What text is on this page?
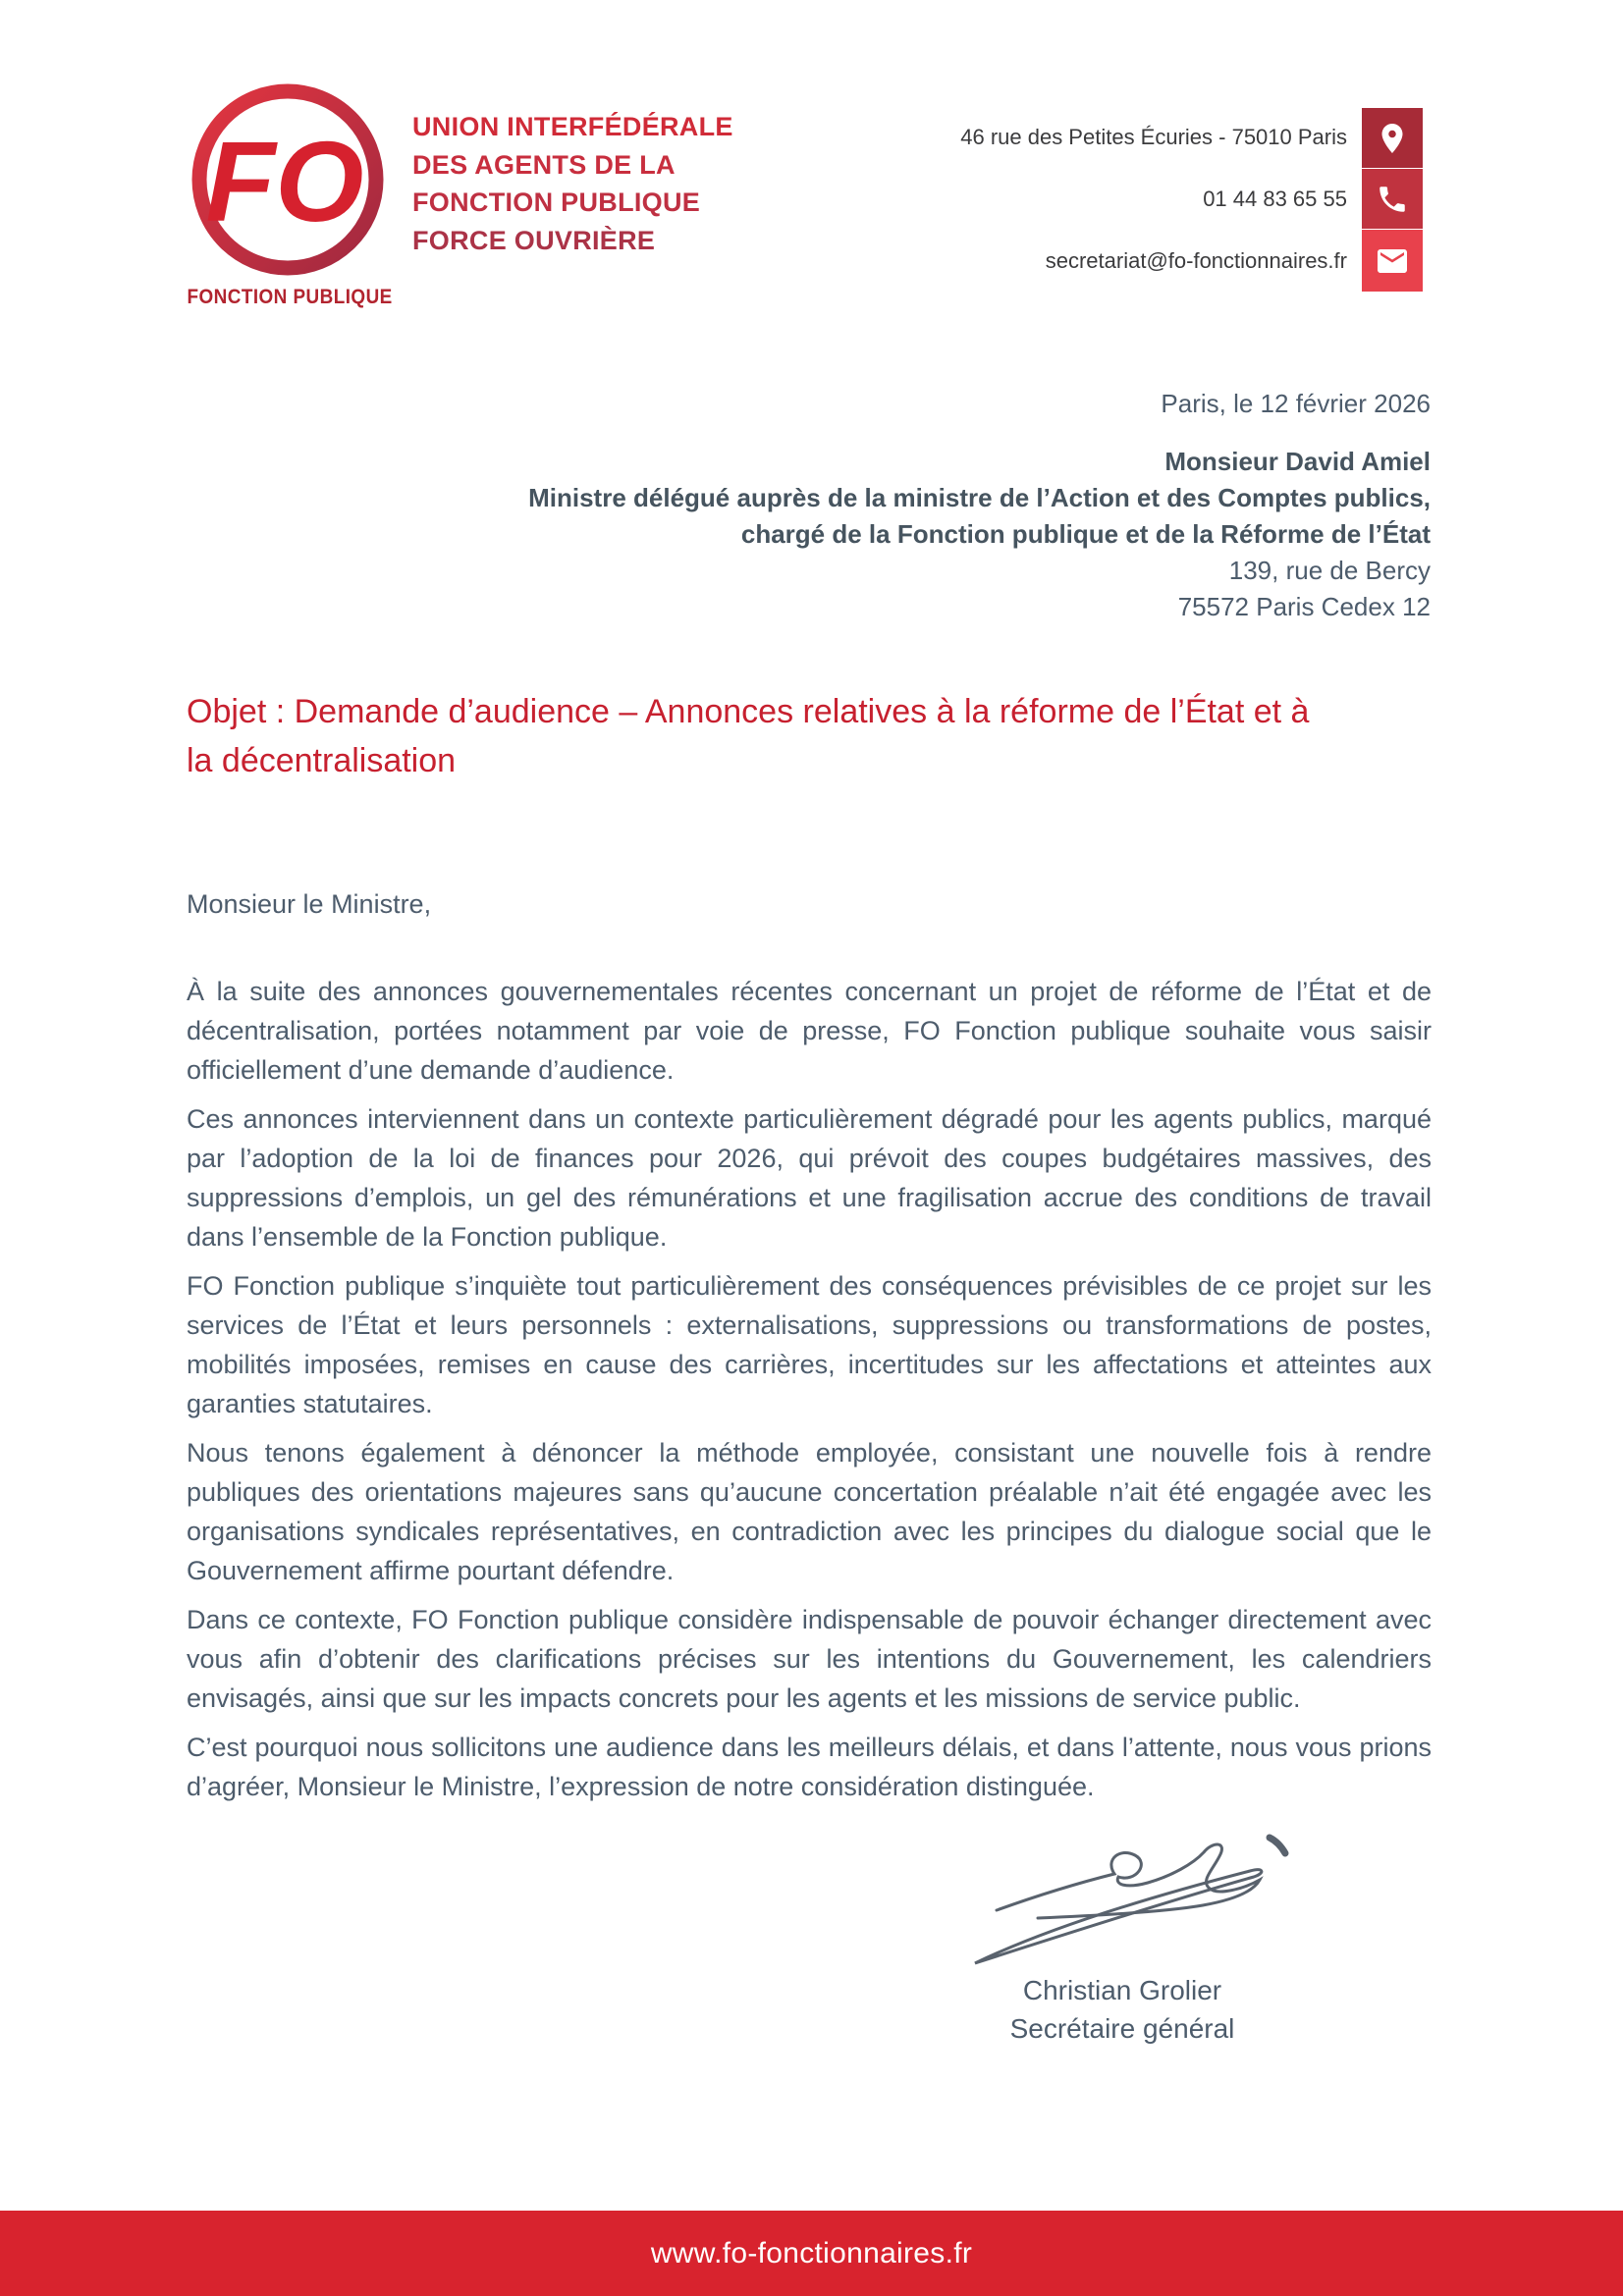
FO
FONCTION PUBLIQUE
UNION INTERFÉDÉRALE
DES AGENTS DE LA
FONCTION PUBLIQUE
FORCE OUVRIÈRE
46 rue des Petites Écuries - 75010 Paris
01 44 83 65 55
secretariat@fo-fonctionnaires.fr
Paris, le 12 février 2026
Monsieur David Amiel
Ministre délégué auprès de la ministre de l’Action et des Comptes publics,
chargé de la Fonction publique et de la Réforme de l’État
139, rue de Bercy
75572 Paris Cedex 12
Objet : Demande d’audience – Annonces relatives à la réforme de l’État et à
la décentralisation
Monsieur le Ministre,

À la suite des annonces gouvernementales récentes concernant un projet de réforme de l’État et de décentralisation, portées notamment par voie de presse, FO Fonction publique souhaite vous saisir officiellement d’une demande d’audience.

Ces annonces interviennent dans un contexte particulièrement dégradé pour les agents publics, marqué par l’adoption de la loi de finances pour 2026, qui prévoit des coupes budgétaires massives, des suppressions d’emplois, un gel des rémunérations et une fragilisation accrue des conditions de travail dans l’ensemble de la Fonction publique.

FO Fonction publique s’inquiète tout particulièrement des conséquences prévisibles de ce projet sur les services de l’État et leurs personnels : externalisations, suppressions ou transformations de postes, mobilités imposées, remises en cause des carrières, incertitudes sur les affectations et atteintes aux garanties statutaires.

Nous tenons également à dénoncer la méthode employée, consistant une nouvelle fois à rendre publiques des orientations majeures sans qu’aucune concertation préalable n’ait été engagée avec les organisations syndicales représentatives, en contradiction avec les principes du dialogue social que le Gouvernement affirme pourtant défendre.

Dans ce contexte, FO Fonction publique considère indispensable de pouvoir échanger directement avec vous afin d’obtenir des clarifications précises sur les intentions du Gouvernement, les calendriers envisagés, ainsi que sur les impacts concrets pour les agents et les missions de service public.

C’est pourquoi nous sollicitons une audience dans les meilleurs délais, et dans l’attente, nous vous prions d’agréer, Monsieur le Ministre, l’expression de notre considération distinguée.

Christian Grolier
Secrétaire général
www.fo-fonctionnaires.fr
